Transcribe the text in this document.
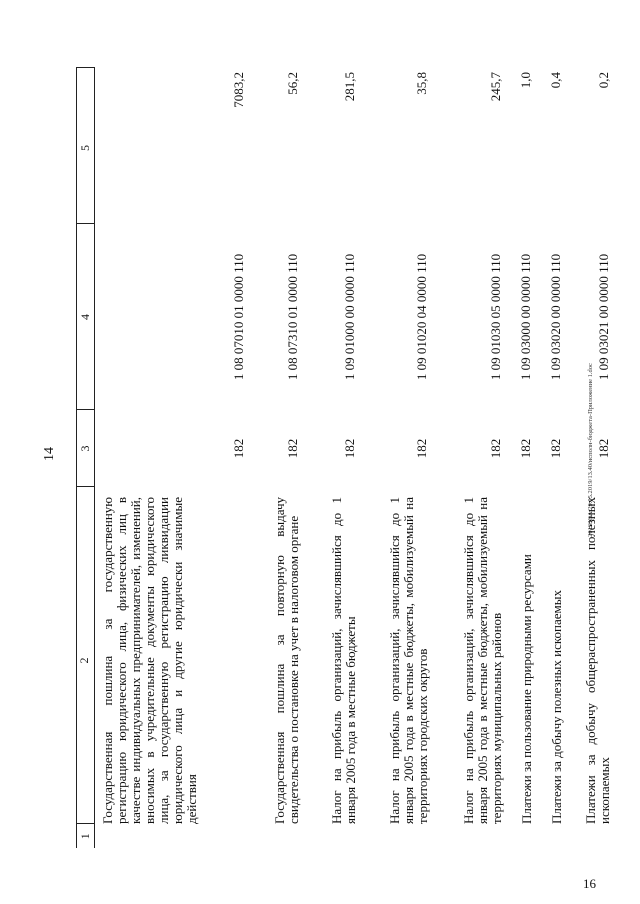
14	2013ЗОА/29.05.2019/13.40/исполн-бюджета-Приложение 1.doc
16
1	2	3	4	5
	Государственная пошлина за государственную регистрацию юридического лица, физических лиц в качестве индивидуальных предпринимателей, изменений, вносимых в учредительные документы юридического лица, за государственную регистрацию ликвидации юридического лица и другие юридически значимые действия	182	1 08 07010 01 0000 110	7083,2
	Государственная пошлина за повторную выдачу свидетельства о постановке на учет в налоговом органе	182	1 08 07310 01 0000 110	56,2
	Налог на прибыль организаций, зачислявшийся до 1 января 2005 года в местные бюджеты	182	1 09 01000 00 0000 110	281,5
	Налог на прибыль организаций, зачислявшийся до 1 января 2005 года в местные бюджеты, мобилизуемый на территориях городских округов	182	1 09 01020 04 0000 110	35,8
	Налог на прибыль организаций, зачислявшийся до 1 января 2005 года в местные бюджеты, мобилизуемый на территориях муниципальных районов	182	1 09 01030 05 0000 110	245,7
	Платежи за пользование природными ресурсами	182	1 09 03000 00 0000 110	1,0
	Платежи за добычу полезных ископаемых	182	1 09 03020 00 0000 110	0,4
	Платежи за добычу общераспространенных полезных ископаемых	182	1 09 03021 00 0000 110	0,2
